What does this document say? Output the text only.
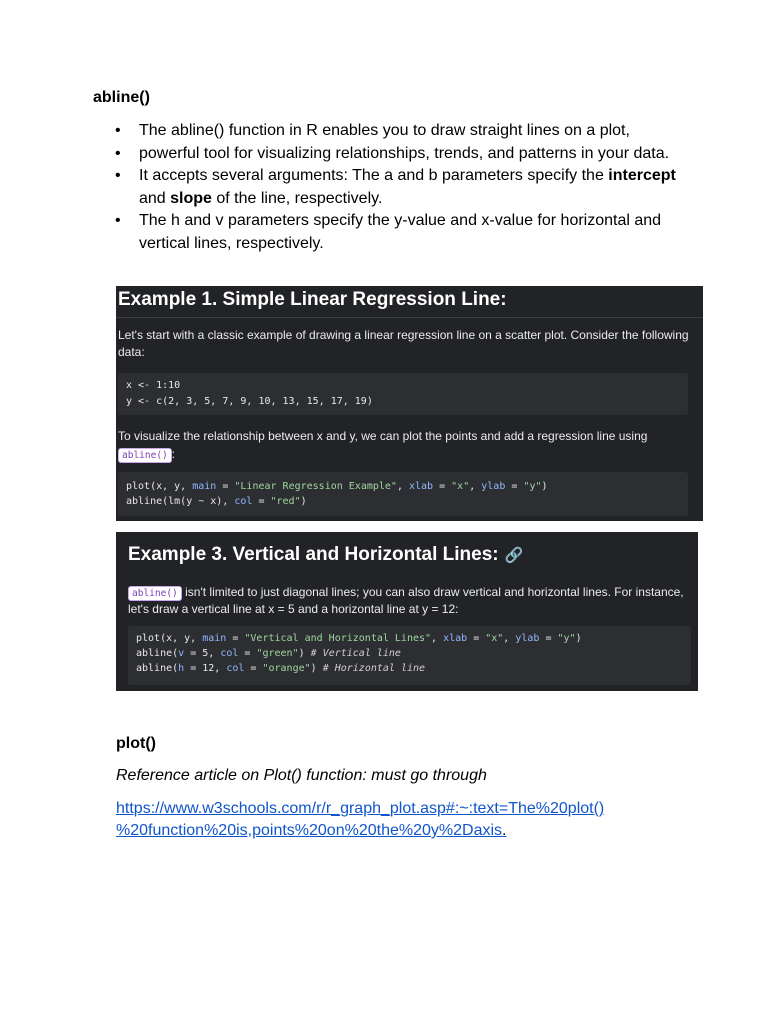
abline()
• The abline() function in R enables you to draw straight lines on a plot,
• powerful tool for visualizing relationships, trends, and patterns in your data.
• It accepts several arguments: The a and b parameters specify the intercept and slope of the line, respectively.
• The h and v parameters specify the y-value and x-value for horizontal and vertical lines, respectively.
Example 1. Simple Linear Regression Line:

Let's start with a classic example of drawing a linear regression line on a scatter plot. Consider the following data:

x <- 1:10

y <- c(2, 3, 5, 7, 9, 10, 13, 15, 17, 19)

To visualize the relationship between x and y, we can plot the points and add a regression line using
abline() :

plot(x, y, main = "Linear Regression Example", xlab = "x", ylab = "y")

abline(lm(y ~ x), col = "red")

Example 3. Vertical and Horizontal Lines: 🔗

abline() isn't limited to just diagonal lines; you can also draw vertical and horizontal lines. For instance, let's draw a vertical line at x = 5 and a horizontal line at y = 12:

plot(x, y, main = "Vertical and Horizontal Lines", xlab = "x", ylab = "y")

abline(v = 5, col = "green") # Vertical line

abline(h = 12, col = "orange") # Horizontal line

plot()
Reference article on Plot() function: must go through
https://www.w3schools.com/r/r_graph_plot.asp#:~:text=The%20plot()
%20function%20is,points%20on%20the%20y%2Daxis.
